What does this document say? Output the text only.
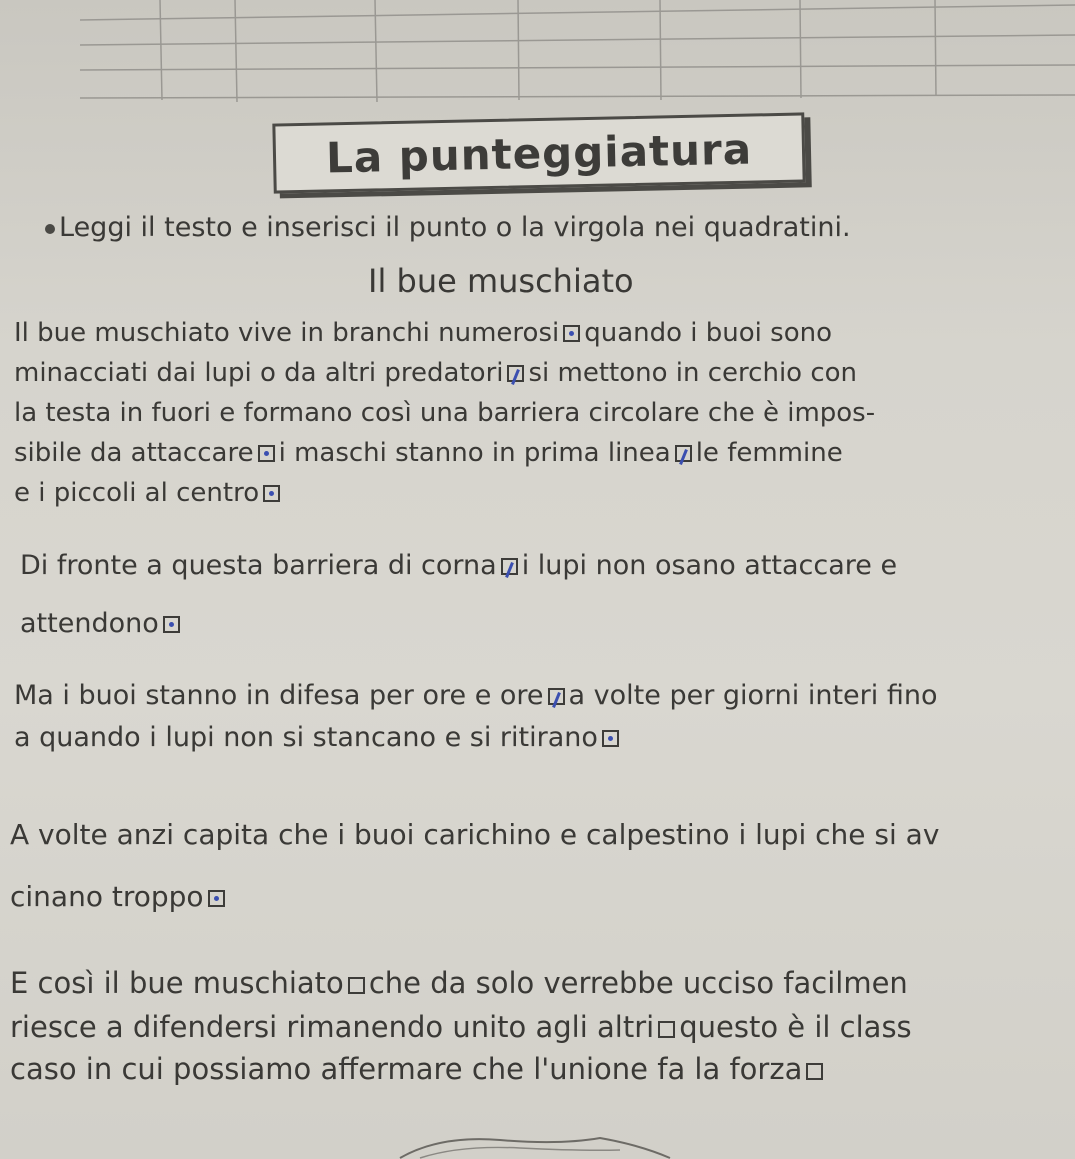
La punteggiatura
Leggi il testo e inserisci il punto o la virgola nei quadratini.
Il bue muschiato
Il bue muschiato vive in branchi numerosi quando i buoi sono
minacciati dai lupi o da altri predatori si mettono in cerchio con
la testa in fuori e formano così una barriera circolare che è impos-
sibile da attaccare i maschi stanno in prima linea le femmine
e i piccoli al centro
Di fronte a questa barriera di corna i lupi non osano attaccare e
attendono
Ma i buoi stanno in difesa per ore e ore a volte per giorni interi fino
a quando i lupi non si stancano e si ritirano
A volte anzi capita che i buoi carichino e calpestino i lupi che si av
cinano troppo
E così il bue muschiato che da solo verrebbe ucciso facilmen
riesce a difendersi rimanendo unito agli altri questo è il class
caso in cui possiamo affermare che l'unione fa la forza
